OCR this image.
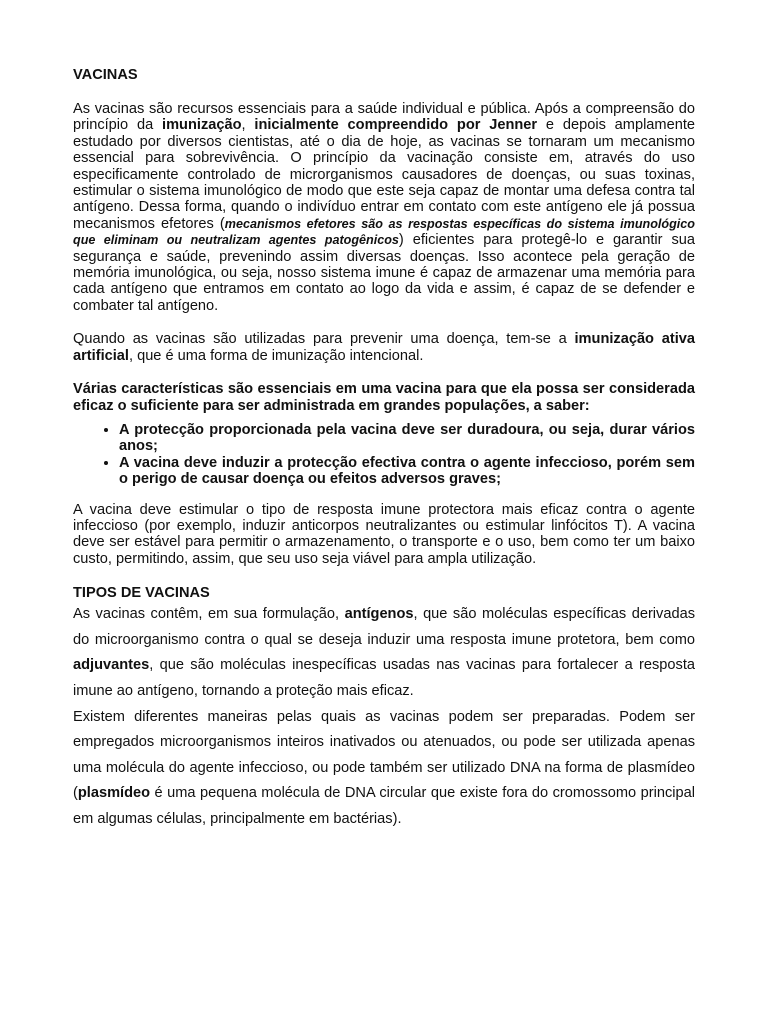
VACINAS

As vacinas são recursos essenciais para a saúde individual e pública. Após a compreensão do princípio da imunização, inicialmente compreendido por Jenner e depois amplamente estudado por diversos cientistas, até o dia de hoje, as vacinas se tornaram um mecanismo essencial para sobrevivência. O princípio da vacinação consiste em, através do uso especificamente controlado de microrganismos causadores de doenças, ou suas toxinas, estimular o sistema imunológico de modo que este seja capaz de montar uma defesa contra tal antígeno. Dessa forma, quando o indivíduo entrar em contato com este antígeno ele já possua mecanismos efetores (mecanismos efetores são as respostas específicas do sistema imunológico que eliminam ou neutralizam agentes patogênicos) eficientes para protegê-lo e garantir sua segurança e saúde, prevenindo assim diversas doenças. Isso acontece pela geração de memória imunológica, ou seja, nosso sistema imune é capaz de armazenar uma memória para cada antígeno que entramos em contato ao logo da vida e assim, é capaz de se defender e combater tal antígeno.

Quando as vacinas são utilizadas para prevenir uma doença, tem-se a imunização ativa artificial, que é uma forma de imunização intencional.

Várias características são essenciais em uma vacina para que ela possa ser considerada eficaz o suficiente para ser administrada em grandes populações, a saber:

• A protecção proporcionada pela vacina deve ser duradoura, ou seja, durar vários anos;
• A vacina deve induzir a protecção efectiva contra o agente infeccioso, porém sem o perigo de causar doença ou efeitos adversos graves;

A vacina deve estimular o tipo de resposta imune protectora mais eficaz contra o agente infeccioso (por exemplo, induzir anticorpos neutralizantes ou estimular linfócitos T). A vacina deve ser estável para permitir o armazenamento, o transporte e o uso, bem como ter um baixo custo, permitindo, assim, que seu uso seja viável para ampla utilização.

TIPOS DE VACINAS

As vacinas contêm, em sua formulação, antígenos, que são moléculas específicas derivadas do microorganismo contra o qual se deseja induzir uma resposta imune protetora, bem como adjuvantes, que são moléculas inespecíficas usadas nas vacinas para fortalecer a resposta imune ao antígeno, tornando a proteção mais eficaz.

Existem diferentes maneiras pelas quais as vacinas podem ser preparadas. Podem ser empregados microorganismos inteiros inativados ou atenuados, ou pode ser utilizada apenas uma molécula do agente infeccioso, ou pode também ser utilizado DNA na forma de plasmídeo (plasmídeo é uma pequena molécula de DNA circular que existe fora do cromossomo principal em algumas células, principalmente em bactérias).
